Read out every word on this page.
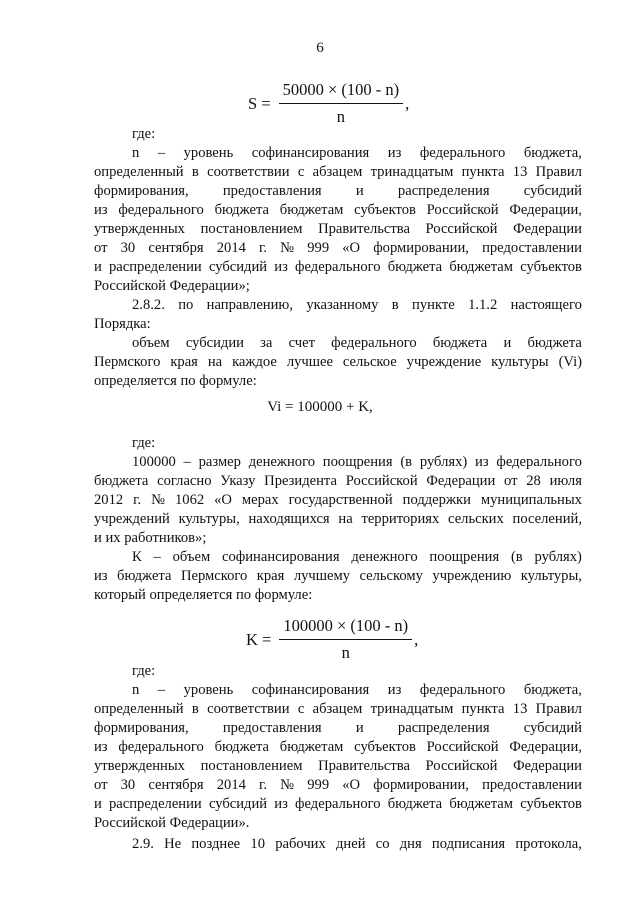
6
$S = \frac{50000 \times (100 - n)}{n}$ ,
Vi = 100000 + K,
$K = \frac{100000 \times (100 - n)}{n}$ ,
где:
n – уровень софинансирования из федерального бюджета,
определенный в соответствии с абзацем тринадцатым пункта 13 Правил
формирования, предоставления и распределения субсидий
из федерального бюджета бюджетам субъектов Российской Федерации,
утвержденных постановлением Правительства Российской Федерации
от 30 сентября 2014 г. № 999 «О формировании, предоставлении
и распределении субсидий из федерального бюджета бюджетам субъектов
Российской Федерации»;
2.8.2. по направлению, указанному в пункте 1.1.2 настоящего
Порядка:
объем субсидии за счет федерального бюджета и бюджета
Пермского края на каждое лучшее сельское учреждение культуры (Vi)
определяется по формуле:
где:
100000 – размер денежного поощрения (в рублях) из федерального
бюджета согласно Указу Президента Российской Федерации от 28 июля
2012 г. № 1062 «О мерах государственной поддержки муниципальных
учреждений культуры, находящихся на территориях сельских поселений,
и их работников»;
К – объем софинансирования денежного поощрения (в рублях)
из бюджета Пермского края лучшему сельскому учреждению культуры,
который определяется по формуле:
где:
n – уровень софинансирования из федерального бюджета,
определенный в соответствии с абзацем тринадцатым пункта 13 Правил
формирования, предоставления и распределения субсидий
из федерального бюджета бюджетам субъектов Российской Федерации,
утвержденных постановлением Правительства Российской Федерации
от 30 сентября 2014 г. № 999 «О формировании, предоставлении
и распределении субсидий из федерального бюджета бюджетам субъектов
Российской Федерации».
2.9. Не позднее 10 рабочих дней со дня подписания протокола,
